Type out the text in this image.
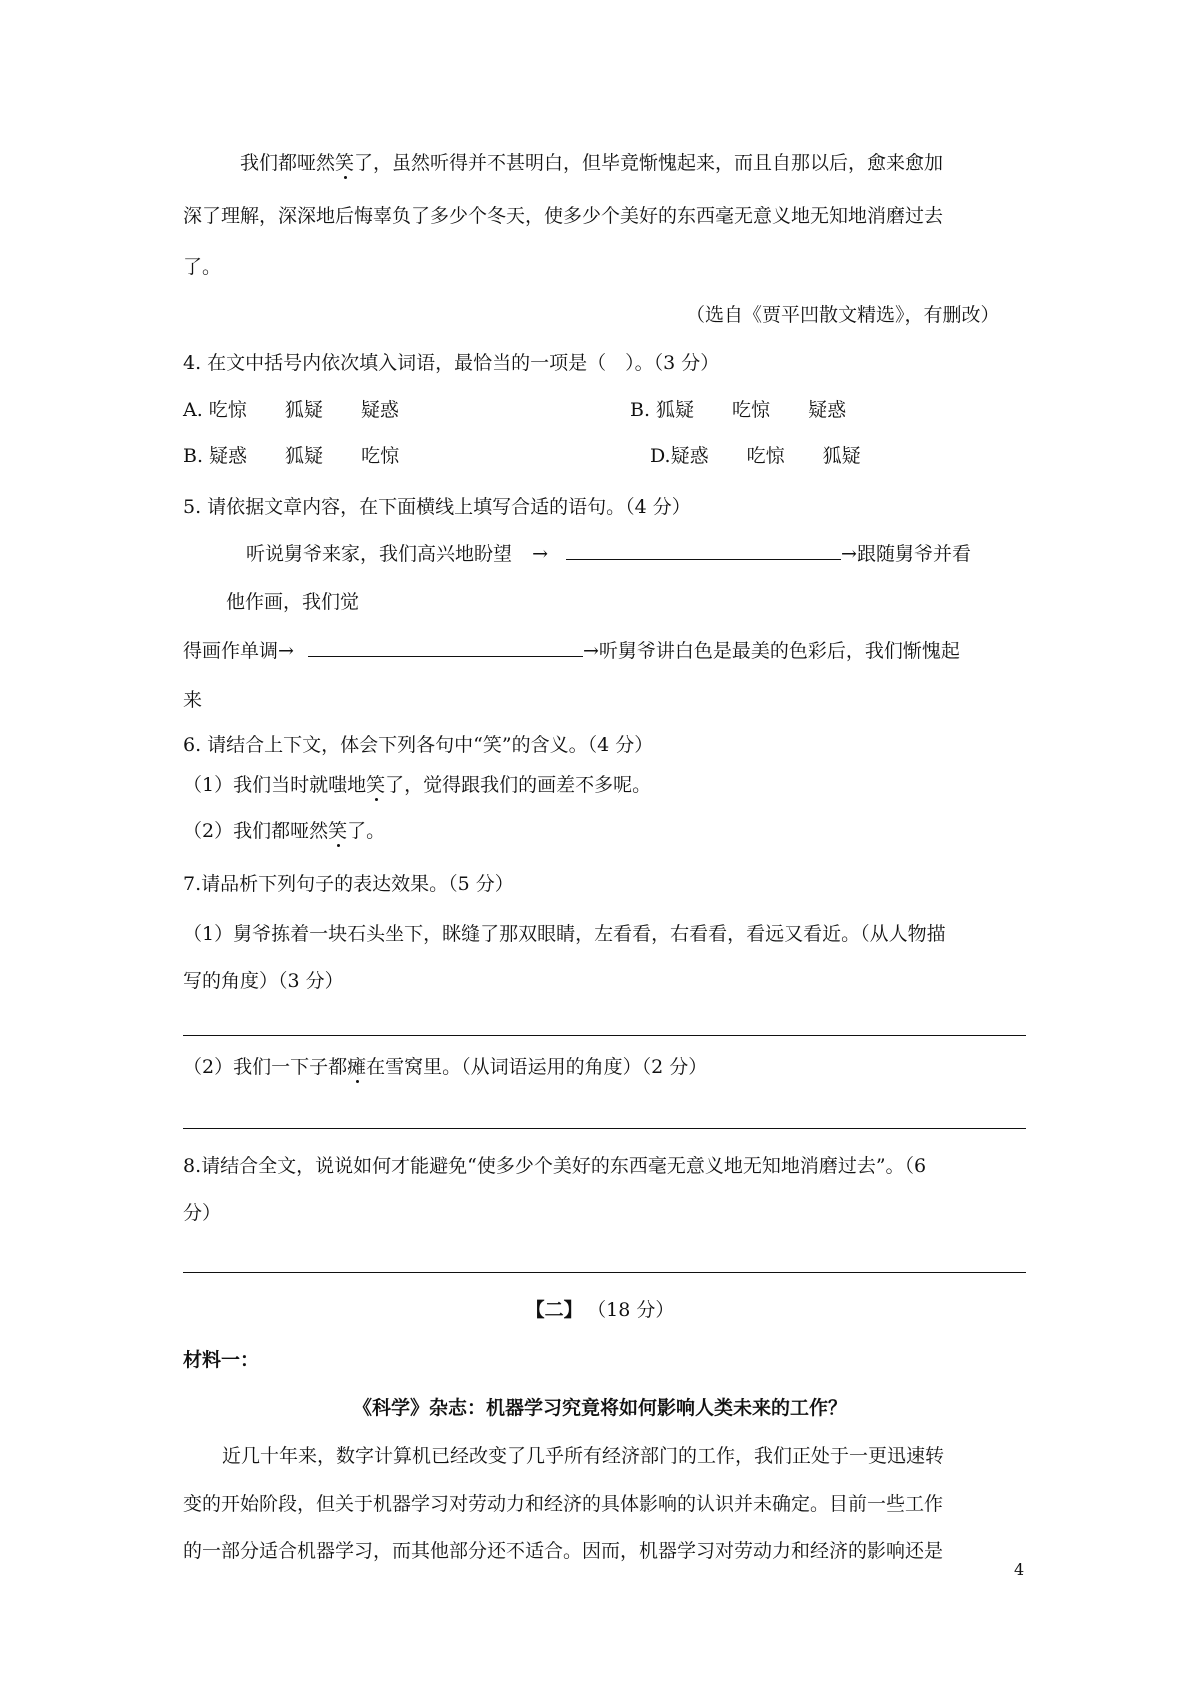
我们都哑然笑了，虽然听得并不甚明白，但毕竟惭愧起来，而且自那以后，愈来愈加
深了理解，深深地后悔辜负了多少个冬天，使多少个美好的东西毫无意义地无知地消磨过去
了。
（选自《贾平凹散文精选》，有删改）
4. 在文中括号内依次填入词语，最恰当的一项是（　）。（3 分）
A. 吃惊 狐疑 疑惑	B. 狐疑 吃惊 疑惑
B. 疑惑 狐疑 吃惊	D.疑惑 吃惊 狐疑
5. 请依据文章内容，在下面横线上填写合适的语句。（4 分）
听说舅爷来家，我们高兴地盼望 →	→跟随舅爷并看
他作画，我们觉
得画作单调→	→听舅爷讲白色是最美的色彩后，我们惭愧起
来
6. 请结合上下文，体会下列各句中“笑”的含义。（4 分）
（1）我们当时就嗤地笑了，觉得跟我们的画差不多呢。
（2）我们都哑然笑了。
7.请品析下列句子的表达效果。（5 分）
（1）舅爷拣着一块石头坐下，眯缝了那双眼睛，左看看，右看看，看远又看近。（从人物描
写的角度）（3 分）
（2）我们一下子都瘫在雪窝里。（从词语运用的角度）（2 分）
8.请结合全文，说说如何才能避免“使多少个美好的东西毫无意义地无知地消磨过去”。（6
分）
【二】 （18 分）
材料一：
《科学》杂志：机器学习究竟将如何影响人类未来的工作？
近几十年来，数字计算机已经改变了几乎所有经济部门的工作，我们正处于一更迅速转
变的开始阶段，但关于机器学习对劳动力和经济的具体影响的认识并未确定。目前一些工作
的一部分适合机器学习，而其他部分还不适合。因而，机器学习对劳动力和经济的影响还是
4
